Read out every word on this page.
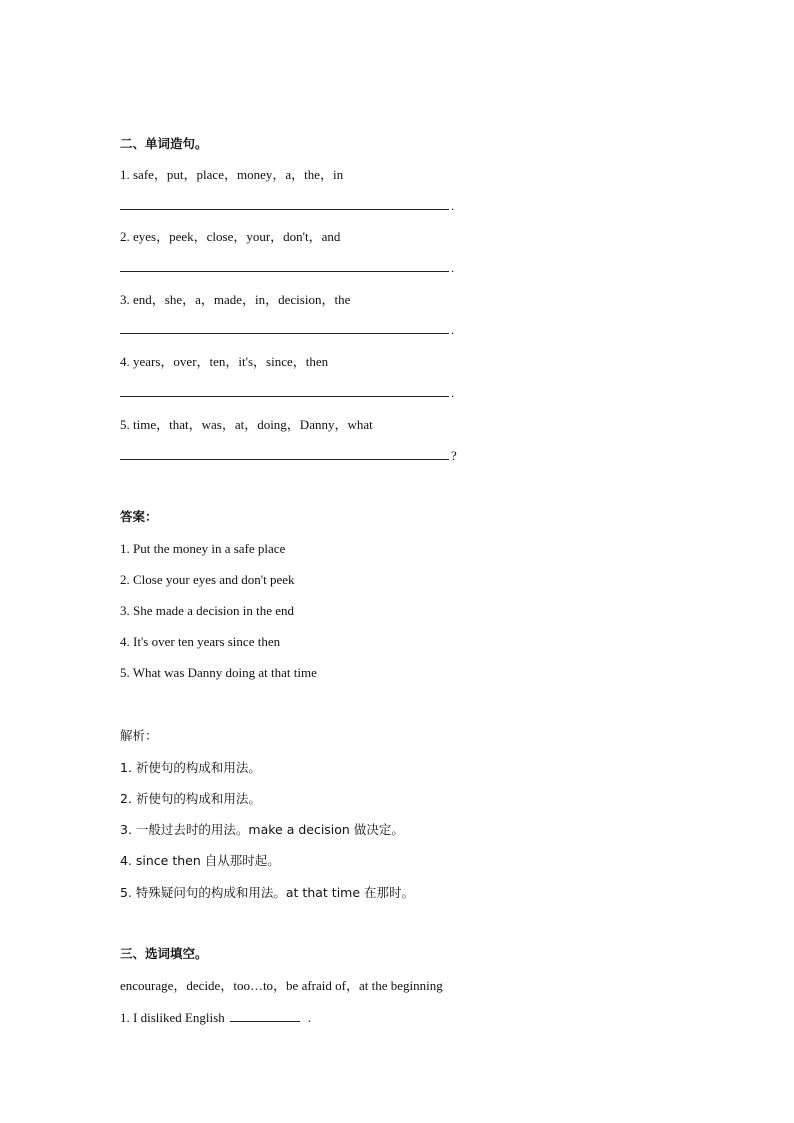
二、单词造句。
1. safe，put，place，money，a，the，in
.
2. eyes，peek，close，your，don't，and
.
3. end，she，a，made，in，decision，the
.
4. years，over，ten，it's，since，then
.
5. time，that，was，at，doing，Danny，what
?
答案：
1. Put the money in a safe place
2. Close your eyes and don't peek
3. She made a decision in the end
4. It's over ten years since then
5. What was Danny doing at that time
解析：
1. 祈使句的构成和用法。
2. 祈使句的构成和用法。
3. 一般过去时的用法。make a decision 做决定。
4. since then 自从那时起。
5. 特殊疑问句的构成和用法。at that time 在那时。
三、选词填空。
encourage，decide，too…to，be afraid of，at the beginning
1. I disliked English	.
